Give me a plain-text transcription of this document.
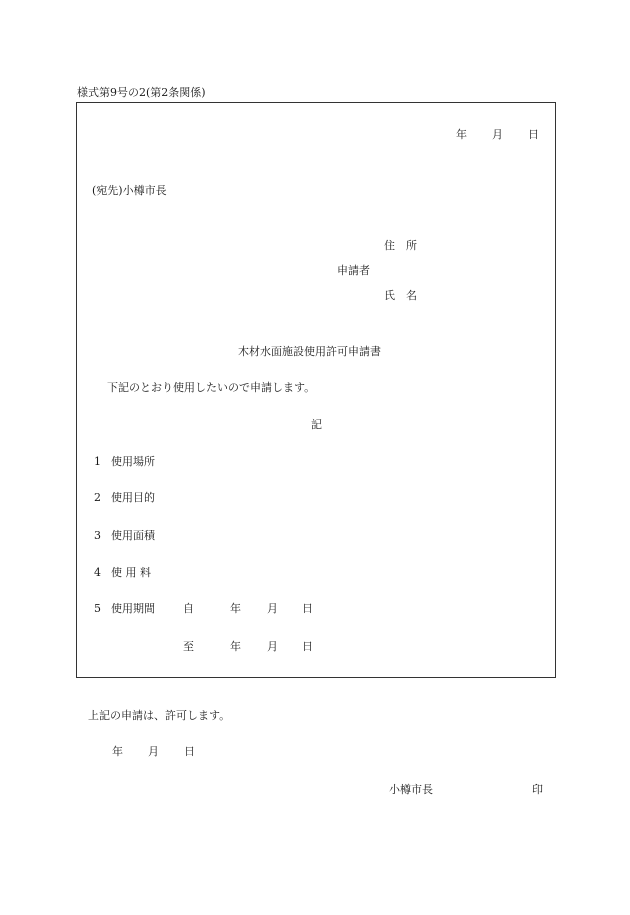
様式第9号の2(第2条関係)
年 月 日
(宛先)小樽市長
住　所
申請者
氏　名
木材水面施設使用許可申請書
下記のとおり使用したいので申請します。
記
1 使用場所
2 使用目的
3 使用面積
4 使 用 料
5 使用期間	自	年 月 日
至	年 月 日
上記の申請は、許可します。
年 月 日
小樽市長	印
